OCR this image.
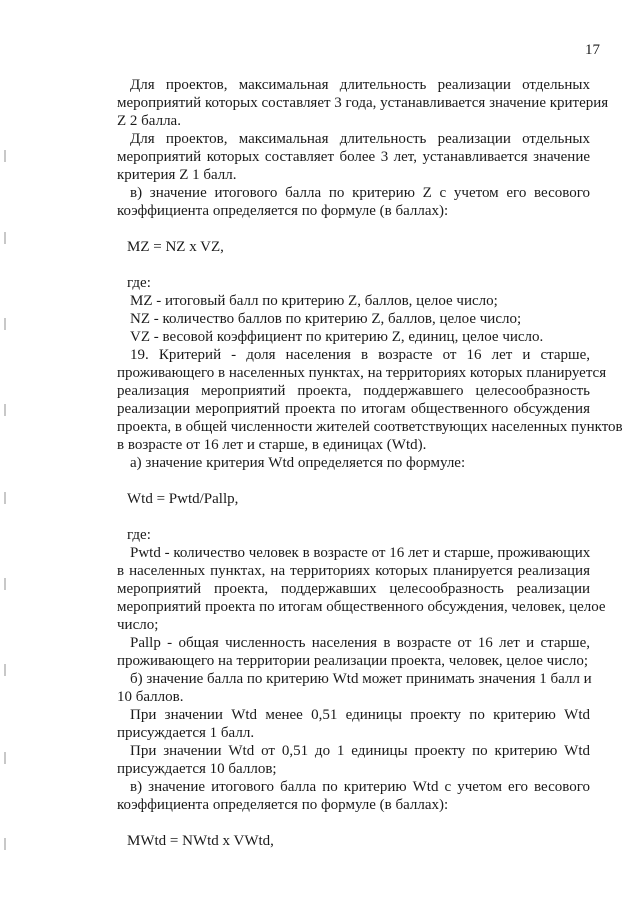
17
Для проектов, максимальная длительность реализации отдельных
мероприятий которых составляет 3 года, устанавливается значение критерия
Z 2 балла.
Для проектов, максимальная длительность реализации отдельных
мероприятий которых составляет более 3 лет, устанавливается значение
критерия Z 1 балл.
в) значение итогового балла по критерию Z с учетом его весового
коэффициента определяется по формуле (в баллах):
MZ = NZ x VZ,
где:
MZ - итоговый балл по критерию Z, баллов, целое число;
NZ - количество баллов по критерию Z, баллов, целое число;
VZ - весовой коэффициент по критерию Z, единиц, целое число.
19. Критерий - доля населения в возрасте от 16 лет и старше,
проживающего в населенных пунктах, на территориях которых планируется
реализация мероприятий проекта, поддержавшего целесообразность
реализации мероприятий проекта по итогам общественного обсуждения
проекта, в общей численности жителей соответствующих населенных пунктов
в возрасте от 16 лет и старше, в единицах (Wtd).
а) значение критерия Wtd определяется по формуле:
Wtd = Pwtd/Pallp,
где:
Pwtd - количество человек в возрасте от 16 лет и старше, проживающих
в населенных пунктах, на территориях которых планируется реализация
мероприятий проекта, поддержавших целесообразность реализации
мероприятий проекта по итогам общественного обсуждения, человек, целое
число;
Pallp - общая численность населения в возрасте от 16 лет и старше,
проживающего на территории реализации проекта, человек, целое число;
б) значение балла по критерию Wtd может принимать значения 1 балл и
10 баллов.
При значении Wtd менее 0,51 единицы проекту по критерию Wtd
присуждается 1 балл.
При значении Wtd от 0,51 до 1 единицы проекту по критерию Wtd
присуждается 10 баллов;
в) значение итогового балла по критерию Wtd с учетом его весового
коэффициента определяется по формуле (в баллах):
MWtd = NWtd x VWtd,
